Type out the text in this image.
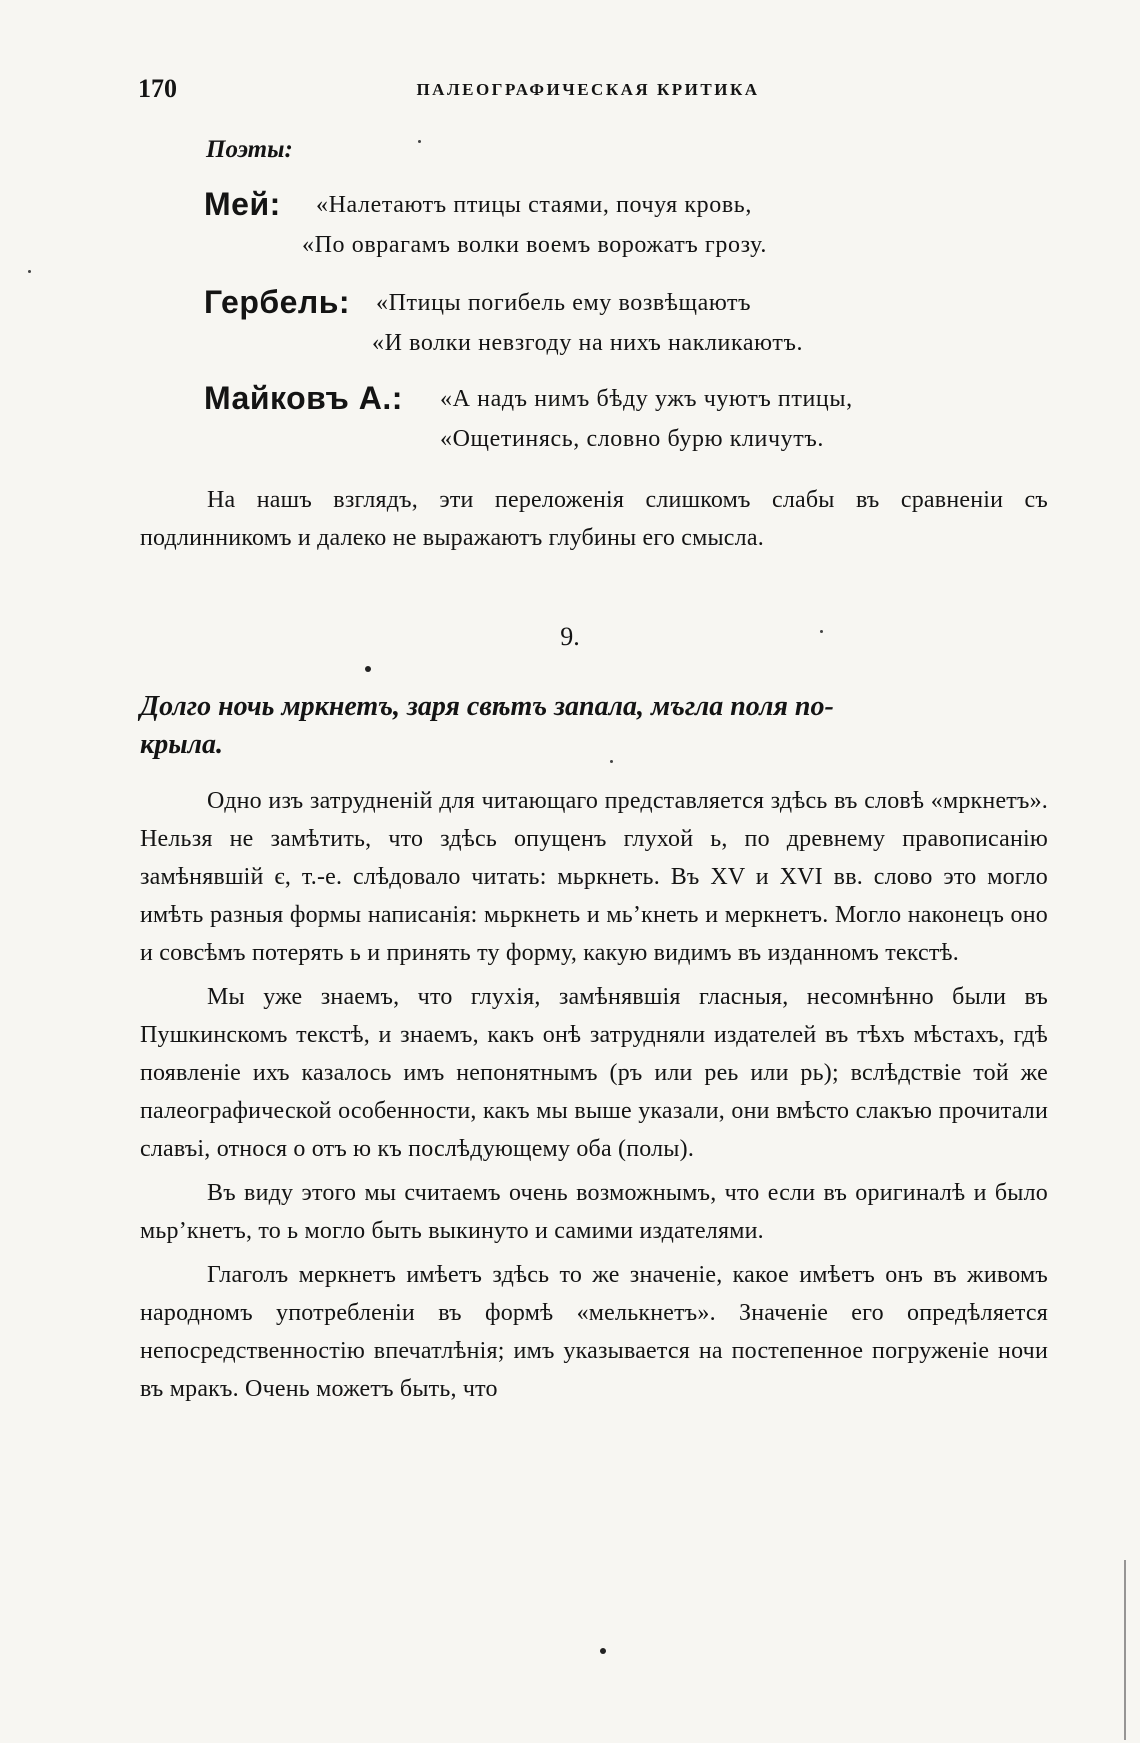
170	ПАЛЕОГРАФИЧЕСКАЯ КРИТИКА
Поэты:
Мей: «Налетаютъ птицы стаями, почуя кровь,
«По оврагамъ волки воемъ ворожатъ грозу.
Гербель: «Птицы погибель ему возвѣщаютъ
«И волки невзгоду на нихъ накликаютъ.
Майковъ А.: «А надъ нимъ бѣду ужъ чуютъ птицы,
«Ощетинясь, словно бурю кличутъ.

На нашъ взглядъ, эти переложенія слишкомъ слабы въ сравненіи съ подлинникомъ и далеко не выражаютъ глубины его смысла.

9.
Долго ночь мркнетъ, заря свѣтъ запала, мъгла поля по-
крыла.

Одно изъ затрудненій для читающаго представляется здѣсь въ словѣ «мркнетъ». Нельзя не замѣтить, что здѣсь опущенъ глухой ь, по древнему правописанію замѣнявшій є, т.-е. слѣдовало читать: мьркнеть. Въ XV и XVI вв. слово это могло имѣть разныя формы написанія: мьркнеть и мьʼкнеть и меркнетъ. Могло наконецъ оно и совсѣмъ потерять ь и принять ту форму, какую видимъ въ изданномъ текстѣ.

Мы уже знаемъ, что глухія, замѣнявшія гласныя, несомнѣнно были въ Пушкинскомъ текстѣ, и знаемъ, какъ онѣ затрудняли издателей въ тѣхъ мѣстахъ, гдѣ появленіе ихъ казалось имъ непонятнымъ (ръ или реь или рь); вслѣдствіе той же палеографической особенности, какъ мы выше указали, они вмѣсто слакъю прочитали славъі, относя о отъ ю къ послѣдующему оба (полы).

Въ виду этого мы считаемъ очень возможнымъ, что если въ оригиналѣ и было мьрʼкнетъ, то ь могло быть выкинуто и самими издателями.

Глаголъ меркнетъ имѣетъ здѣсь то же значеніе, какое имѣетъ онъ въ живомъ народномъ употребленіи въ формѣ «мелькнетъ». Значеніе его опредѣляется непосредственностію впечатлѣнія; имъ указывается на постепенное погруженіе ночи въ мракъ. Очень можетъ быть, что
